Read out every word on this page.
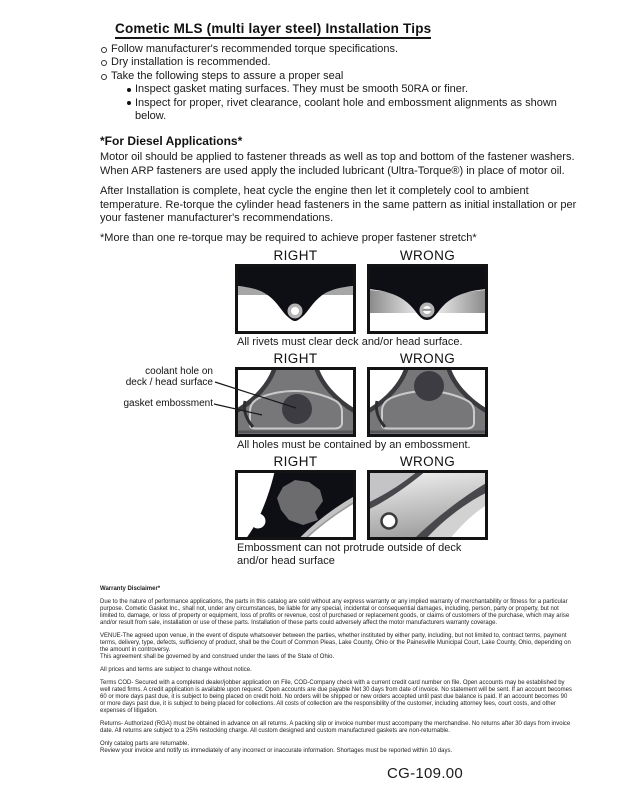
Cometic MLS (multi layer steel) Installation Tips
Follow manufacturer's recommended torque specifications.
Dry installation is recommended.
Take the following steps to assure a proper seal
Inspect gasket mating surfaces. They must be smooth 50RA or finer.
Inspect for proper, rivet clearance, coolant hole and embossment alignments as shown below.
*For Diesel Applications*

Motor oil should be applied to fastener threads as well as top and bottom of the fastener washers. When ARP fasteners are used apply the included lubricant (Ultra-Torque®) in place of motor oil.

After Installation is complete, heat cycle the engine then let it completely cool to ambient temperature. Re-torque the cylinder head fasteners in the same pattern as initial installation or per your fastener manufacturer's recommendations.

*More than one re-torque may be required to achieve proper fastener stretch*

RIGHT	WRONG
All rivets must clear deck and/or head surface.
RIGHT	WRONG
All holes must be contained by an embossment.
coolant hole on
deck / head surface
gasket embossment
RIGHT	WRONG
Embossment can not protrude outside of deck and/or head surface

Warranty Disclaimer*

Due to the nature of performance applications, the parts in this catalog are sold without any express warranty or any implied warranty of merchantability or fitness for a particular purpose. Cometic Gasket Inc., shall not, under any circumstances, be liable for any special, incidental or consequential damages, including, person, party or property, but not limited to, damage, or loss of property or equipment, loss of profits or revenue, cost of purchased or replacement goods, or claims of customers of the purchase, which may arise and/or result from sale, installation or use of these parts. Installation of these parts could adversely affect the motor manufacturers warranty coverage.

VENUE-The agreed upon venue, in the event of dispute whatsoever between the parties, whether instituted by either party, including, but not limited to, contract terms, payment terms, delivery, type, defects, sufficiency of product, shall be the Court of Common Pleas, Lake County, Ohio or the Painesville Municipal Court, Lake County, Ohio, depending on the amount in controversy.

This agreement shall be governed by and construed under the laws of the State of Ohio.

All prices and terms are subject to change without notice.

Terms COD- Secured with a completed dealer/jobber application on File, COD-Company check with a current credit card number on file. Open accounts may be established by well rated firms. A credit application is available upon request. Open accounts are due payable Net 30 days from date of invoice. No statement will be sent. If an account becomes 60 or more days past due, it is subject to being placed on credit hold. No orders will be shipped or new orders accepted until past due balance is paid. If an account becomes 90 or more days past due, it is subject to being placed for collections. All costs of collection are the responsibility of the customer, including attorney fees, court costs, and other expenses of litigation.

Returns- Authorized (RGA) must be obtained in advance on all returns. A packing slip or invoice number must accompany the merchandise. No returns after 30 days from invoice date. All returns are subject to a 25% restocking charge. All custom designed and custom manufactured gaskets are non-returnable.

Only catalog parts are returnable.

Review your invoice and notify us immediately of any incorrect or inaccurate information. Shortages must be reported within 10 days.

CG-109.00
